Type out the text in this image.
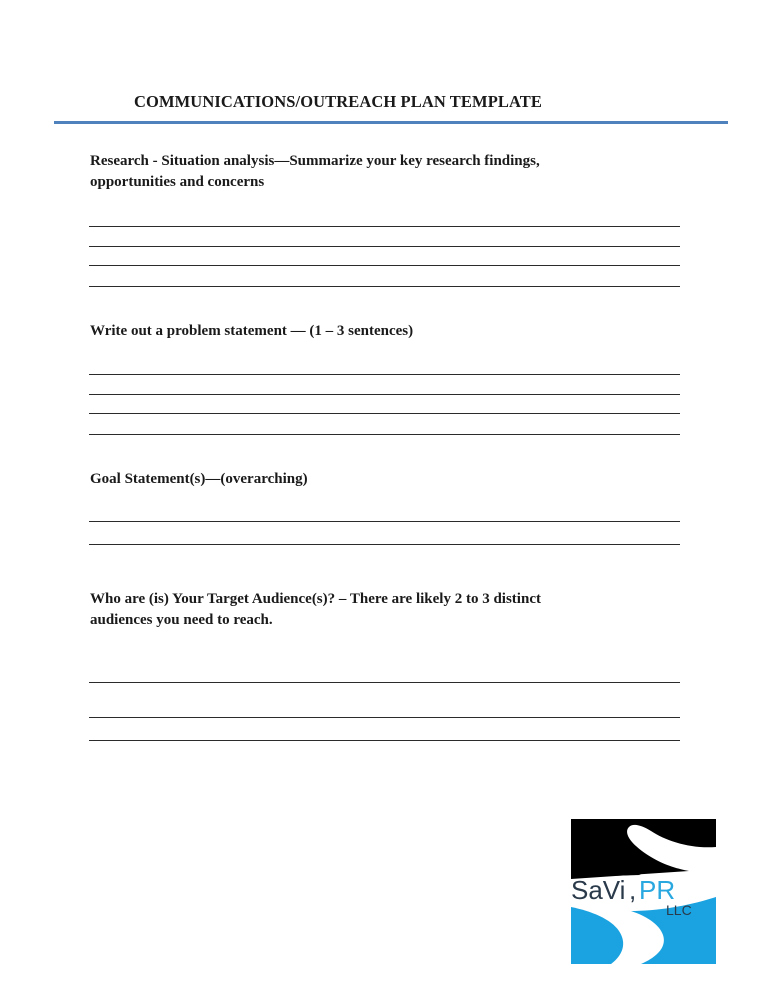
COMMUNICATIONS/OUTREACH PLAN TEMPLATE
Research - Situation analysis—Summarize your key research findings,
opportunities and concerns
Write out a problem statement — (1 – 3 sentences)
Goal Statement(s)—(overarching)
Who are (is) Your Target Audience(s)? – There are likely 2 to 3 distinct
audiences you need to reach.
SaVi , PR
LLC
